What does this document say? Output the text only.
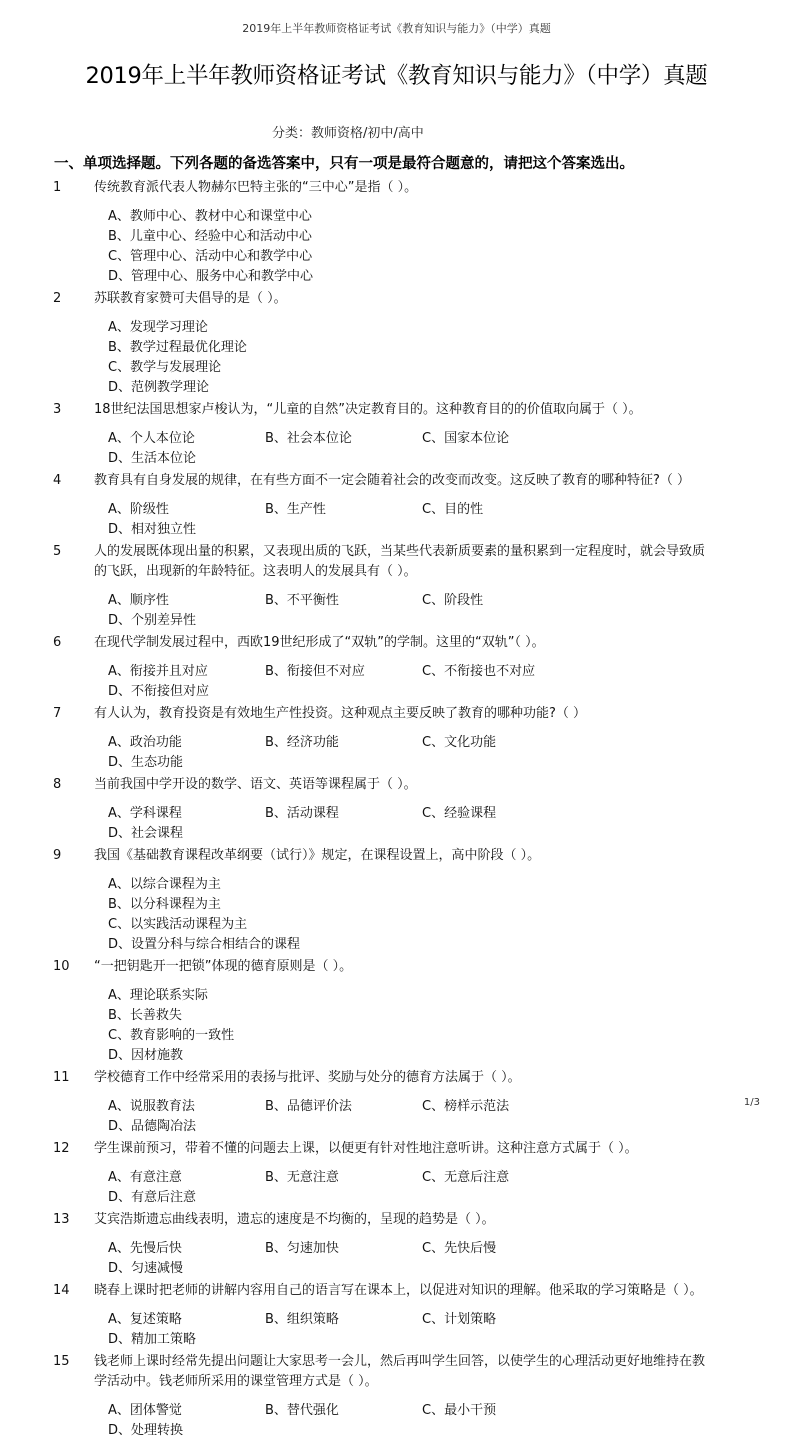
2019年上半年教师资格证考试《教育知识与能力》（中学）真题
2019年上半年教师资格证考试《教育知识与能力》（中学）真题
分类：教师资格/初中/高中
一、单项选择题。下列各题的备选答案中，只有一项是最符合题意的，请把这个答案选出。
1	传统教育派代表人物赫尔巴特主张的“三中心”是指（ ）。
A、教师中心、教材中心和课堂中心
B、儿童中心、经验中心和活动中心
C、管理中心、活动中心和教学中心
D、管理中心、服务中心和教学中心
2	苏联教育家赞可夫倡导的是（ ）。
A、发现学习理论
B、教学过程最优化理论
C、教学与发展理论
D、范例教学理论
3	18世纪法国思想家卢梭认为，“儿童的自然”决定教育目的。这种教育目的的价值取向属于（ ）。
A、个人本位论	B、社会本位论	C、国家本位论
D、生活本位论
4	教育具有自身发展的规律，在有些方面不一定会随着社会的改变而改变。这反映了教育的哪种特征?（ ）
A、阶级性	B、生产性	C、目的性
D、相对独立性
5	人的发展既体现出量的积累，又表现出质的飞跃，当某些代表新质要素的量积累到一定程度时，就会导致质的飞跃，出现新的年龄特征。这表明人的发展具有（ ）。
A、顺序性	B、不平衡性	C、阶段性
D、个别差异性
6	在现代学制发展过程中，西欧19世纪形成了“双轨”的学制。这里的“双轨”（ ）。
A、衔接并且对应	B、衔接但不对应	C、不衔接也不对应
D、不衔接但对应
7	有人认为，教育投资是有效地生产性投资。这种观点主要反映了教育的哪种功能?（ ）
A、政治功能	B、经济功能	C、文化功能
D、生态功能
8	当前我国中学开设的数学、语文、英语等课程属于（ ）。
A、学科课程	B、活动课程	C、经验课程
D、社会课程
9	我国《基础教育课程改革纲要（试行）》规定，在课程设置上，高中阶段（ ）。
A、以综合课程为主
B、以分科课程为主
C、以实践活动课程为主
D、设置分科与综合相结合的课程
10	“一把钥匙开一把锁”体现的德育原则是（ ）。
A、理论联系实际
B、长善救失
C、教育影响的一致性
D、因材施教
11	学校德育工作中经常采用的表扬与批评、奖励与处分的德育方法属于（ ）。
A、说服教育法	B、品德评价法	C、榜样示范法
D、品德陶冶法
12	学生课前预习，带着不懂的问题去上课，以便更有针对性地注意听讲。这种注意方式属于（ ）。
A、有意注意	B、无意注意	C、无意后注意
D、有意后注意
13	艾宾浩斯遗忘曲线表明，遗忘的速度是不均衡的，呈现的趋势是（ ）。
A、先慢后快	B、匀速加快	C、先快后慢
D、匀速减慢
14	晓春上课时把老师的讲解内容用自己的语言写在课本上，以促进对知识的理解。他采取的学习策略是（ ）。
A、复述策略	B、组织策略	C、计划策略
D、精加工策略
15	钱老师上课时经常先提出问题让大家思考一会儿，然后再叫学生回答，以使学生的心理活动更好地维持在教学活动中。钱老师所采用的课堂管理方式是（ ）。
A、团体警觉	B、替代强化	C、最小干预
D、处理转换
1/3
